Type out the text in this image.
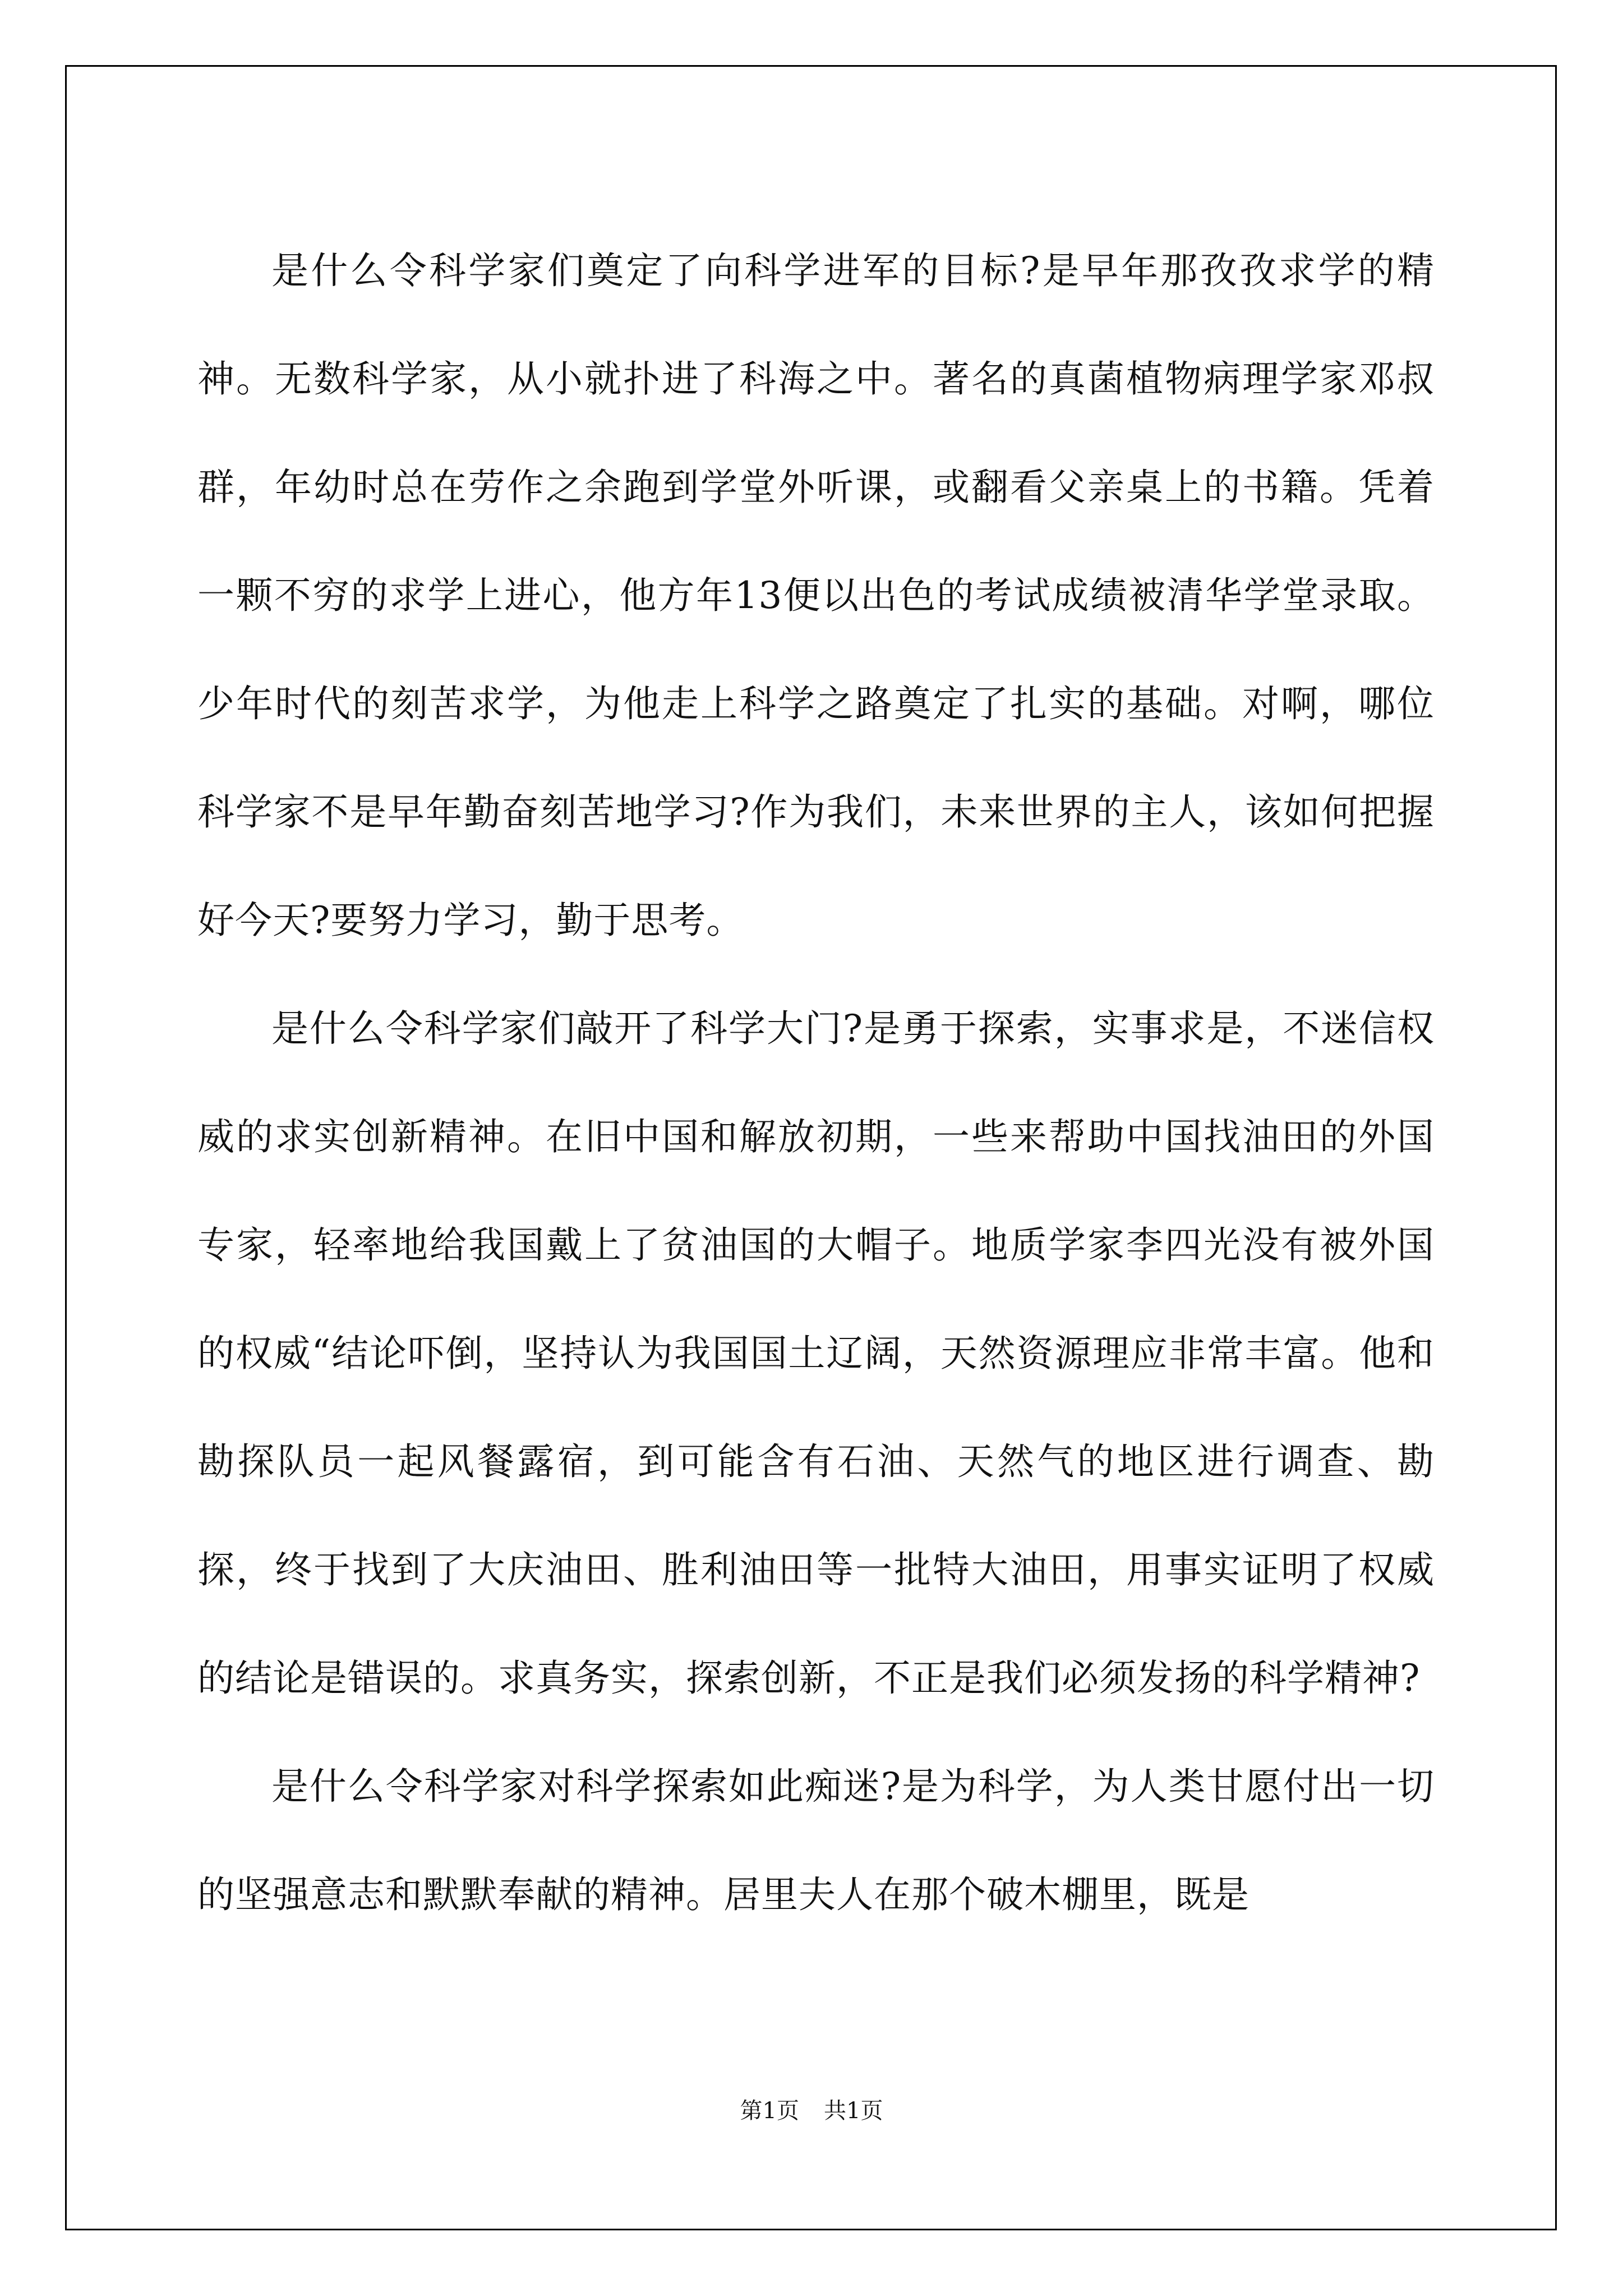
是什么令科学家们奠定了向科学进军的目标?是早年那孜孜求学的精神。无数科学家，从小就扑进了科海之中。著名的真菌植物病理学家邓叔群，年幼时总在劳作之余跑到学堂外听课，或翻看父亲桌上的书籍。凭着一颗不穷的求学上进心，他方年13便以出色的考试成绩被清华学堂录取。少年时代的刻苦求学，为他走上科学之路奠定了扎实的基础。对啊，哪位科学家不是早年勤奋刻苦地学习?作为我们，未来世界的主人，该如何把握好今天?要努力学习，勤于思考。

是什么令科学家们敲开了科学大门?是勇于探索，实事求是，不迷信权威的求实创新精神。在旧中国和解放初期，一些来帮助中国找油田的外国专家，轻率地给我国戴上了贫油国的大帽子。地质学家李四光没有被外国的权威“结论吓倒，坚持认为我国国土辽阔，天然资源理应非常丰富。他和勘探队员一起风餐露宿，到可能含有石油、天然气的地区进行调查、勘探，终于找到了大庆油田、胜利油田等一批特大油田，用事实证明了权威的结论是错误的。求真务实，探索创新，不正是我们必须发扬的科学精神?

是什么令科学家对科学探索如此痴迷?是为科学，为人类甘愿付出一切的坚强意志和默默奉献的精神。居里夫人在那个破木棚里，既是

第1页 共1页
